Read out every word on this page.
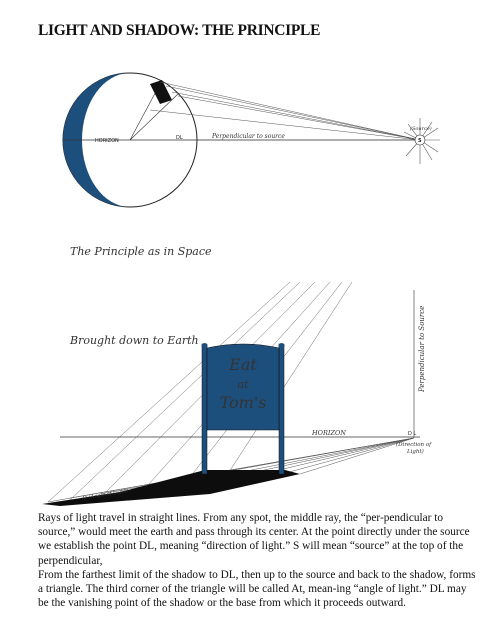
LIGHT AND SHADOW: THE PRINCIPLE
HORIZON	DL	Perpendicular to source
(Source)
S
The Principle as in Space
Brought down to Earth
Eat
at
Tom's
HORIZON	D L
(Direction of
Light)
Perpendicular to Source
At (Angle of Light)

Rays of light travel in straight lines. From any spot, the middle ray, the “per-pendicular to source,” would meet the earth and pass through its center. At the point directly under the source we establish the point DL, meaning “direction of light.” S will mean “source” at the top of the perpendicular,

From the farthest limit of the shadow to DL, then up to the source and back to the shadow, forms a triangle. The third corner of the triangle will be called At, mean-ing “angle of light.” DL may be the vanishing point of the shadow or the base from which it proceeds outward.
